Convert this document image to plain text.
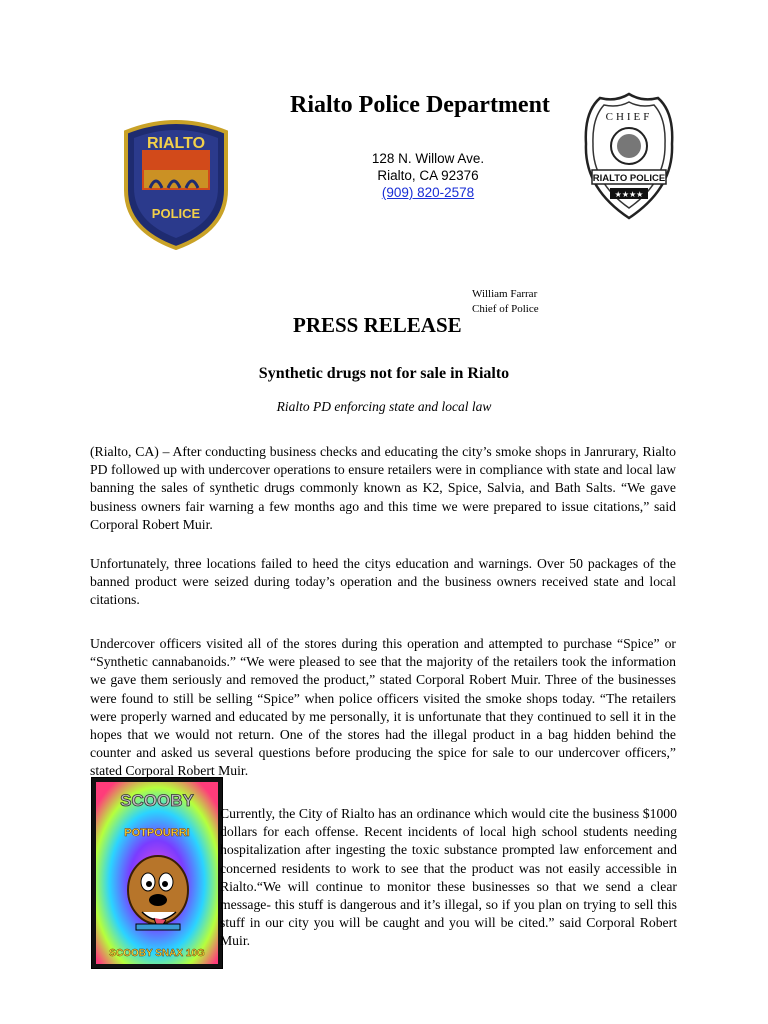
RIALTO
POLICE
CHIEF
RIALTO POLICE
★★★★
Rialto Police Department
128 N. Willow Ave.
Rialto, CA 92376
(909) 820-2578
PRESS RELEASE
William Farrar
Chief of Police
Synthetic drugs not for sale in Rialto
Rialto PD enforcing state and local law
(Rialto, CA) – After conducting business checks and educating the city’s smoke shops in Janrurary, Rialto PD followed up with undercover operations to ensure retailers were in compliance with state and local law banning the sales of synthetic drugs commonly known as K2, Spice, Salvia, and Bath Salts. “We gave business owners fair warning a few months ago and this time we were prepared to issue citations,” said Corporal Robert Muir.
Unfortunately, three locations failed to heed the citys education and warnings. Over 50 packages of the banned product were seized during today’s operation and the business owners received state and local citations.
Undercover officers visited all of the stores during this operation and attempted to purchase “Spice” or “Synthetic cannabanoids.” “We were pleased to see that the majority of the retailers took the information we gave them seriously and removed the product,” stated Corporal Robert Muir. Three of the businesses were found to still be selling “Spice” when police officers visited the smoke shops today. “The retailers were properly warned and educated by me personally, it is unfortunate that they continued to sell it in the hopes that we would not return. One of the stores had the illegal product in a bag hidden behind the counter and asked us several questions before producing the spice for sale to our undercover officers,” stated Corporal Robert Muir.
SCOOBY
POTPOURRI
SCOOBY SNAX 10G
Currently, the City of Rialto has an ordinance which would cite the business $1000 dollars for each offense. Recent incidents of local high school students needing hospitalization after ingesting the toxic substance prompted law enforcement and concerned residents to work to see that the product was not easily accessible in Rialto.“We will continue to monitor these businesses so that we send a clear message- this stuff is dangerous and it’s illegal, so if you plan on trying to sell this stuff in our city you will be caught and you will be cited.” said Corporal Robert Muir.
